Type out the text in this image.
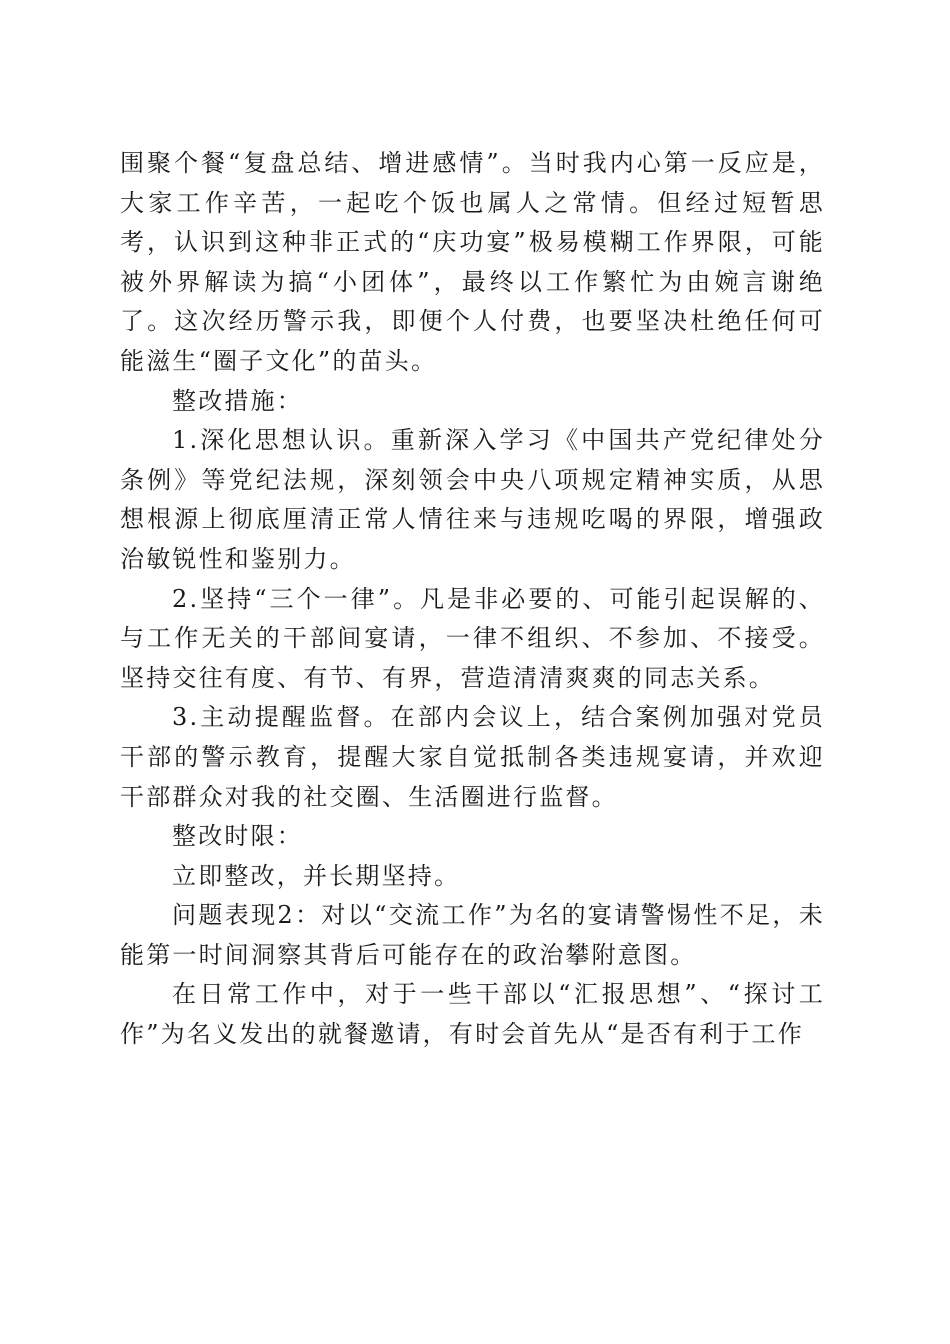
围聚个餐“复盘总结、增进感情”。当时我内心第一反应是，大家工作辛苦，一起吃个饭也属人之常情。但经过短暂思考，认识到这种非正式的“庆功宴”极易模糊工作界限，可能被外界解读为搞“小团体”，最终以工作繁忙为由婉言谢绝了。这次经历警示我，即便个人付费，也要坚决杜绝任何可能滋生“圈子文化”的苗头。

整改措施：

1.深化思想认识。重新深入学习《中国共产党纪律处分条例》等党纪法规，深刻领会中央八项规定精神实质，从思想根源上彻底厘清正常人情往来与违规吃喝的界限，增强政治敏锐性和鉴别力。

2.坚持“三个一律”。凡是非必要的、可能引起误解的、与工作无关的干部间宴请，一律不组织、不参加、不接受。坚持交往有度、有节、有界，营造清清爽爽的同志关系。

3.主动提醒监督。在部内会议上，结合案例加强对党员干部的警示教育，提醒大家自觉抵制各类违规宴请，并欢迎干部群众对我的社交圈、生活圈进行监督。

整改时限：

立即整改，并长期坚持。

问题表现2：对以“交流工作”为名的宴请警惕性不足，未能第一时间洞察其背后可能存在的政治攀附意图。

在日常工作中，对于一些干部以“汇报思想”、“探讨工作”为名义发出的就餐邀请，有时会首先从“是否有利于工作
